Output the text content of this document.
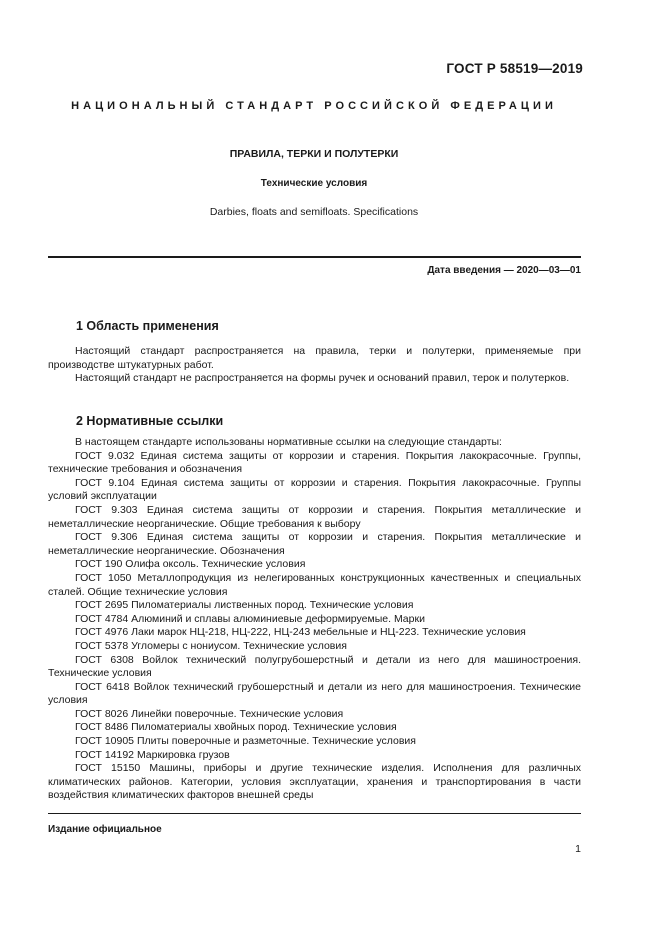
ГОСТ Р 58519—2019

НАЦИОНАЛЬНЫЙ СТАНДАРТ РОССИЙСКОЙ ФЕДЕРАЦИИ

ПРАВИЛА, ТЕРКИ И ПОЛУТЕРКИ

Технические условия

Darbies, floats and semifloats. Specifications

Дата введения — 2020—03—01

1 Область применения

Настоящий стандарт распространяется на правила, терки и полутерки, применяемые при производстве штукатурных работ.

Настоящий стандарт не распространяется на формы ручек и оснований правил, терок и полутерков.

2 Нормативные ссылки

В настоящем стандарте использованы нормативные ссылки на следующие стандарты:

ГОСТ 9.032 Единая система защиты от коррозии и старения. Покрытия лакокрасочные. Группы, технические требования и обозначения

ГОСТ 9.104 Единая система защиты от коррозии и старения. Покрытия лакокрасочные. Группы условий эксплуатации

ГОСТ 9.303 Единая система защиты от коррозии и старения. Покрытия металлические и неметаллические неорганические. Общие требования к выбору

ГОСТ 9.306 Единая система защиты от коррозии и старения. Покрытия металлические и неметаллические неорганические. Обозначения

ГОСТ 190 Олифа оксоль. Технические условия

ГОСТ 1050 Металлопродукция из нелегированных конструкционных качественных и специальных сталей. Общие технические условия

ГОСТ 2695 Пиломатериалы лиственных пород. Технические условия

ГОСТ 4784 Алюминий и сплавы алюминиевые деформируемые. Марки

ГОСТ 4976 Лаки марок НЦ-218, НЦ-222, НЦ-243 мебельные и НЦ-223. Технические условия

ГОСТ 5378 Угломеры с нониусом. Технические условия

ГОСТ 6308 Войлок технический полугрубошерстный и детали из него для машиностроения. Технические условия

ГОСТ 6418 Войлок технический грубошерстный и детали из него для машиностроения. Технические условия

ГОСТ 8026 Линейки поверочные. Технические условия

ГОСТ 8486 Пиломатериалы хвойных пород. Технические условия

ГОСТ 10905 Плиты поверочные и разметочные. Технические условия

ГОСТ 14192 Маркировка грузов

ГОСТ 15150 Машины, приборы и другие технические изделия. Исполнения для различных климатических районов. Категории, условия эксплуатации, хранения и транспортирования в части воздействия климатических факторов внешней среды

Издание официальное

1
